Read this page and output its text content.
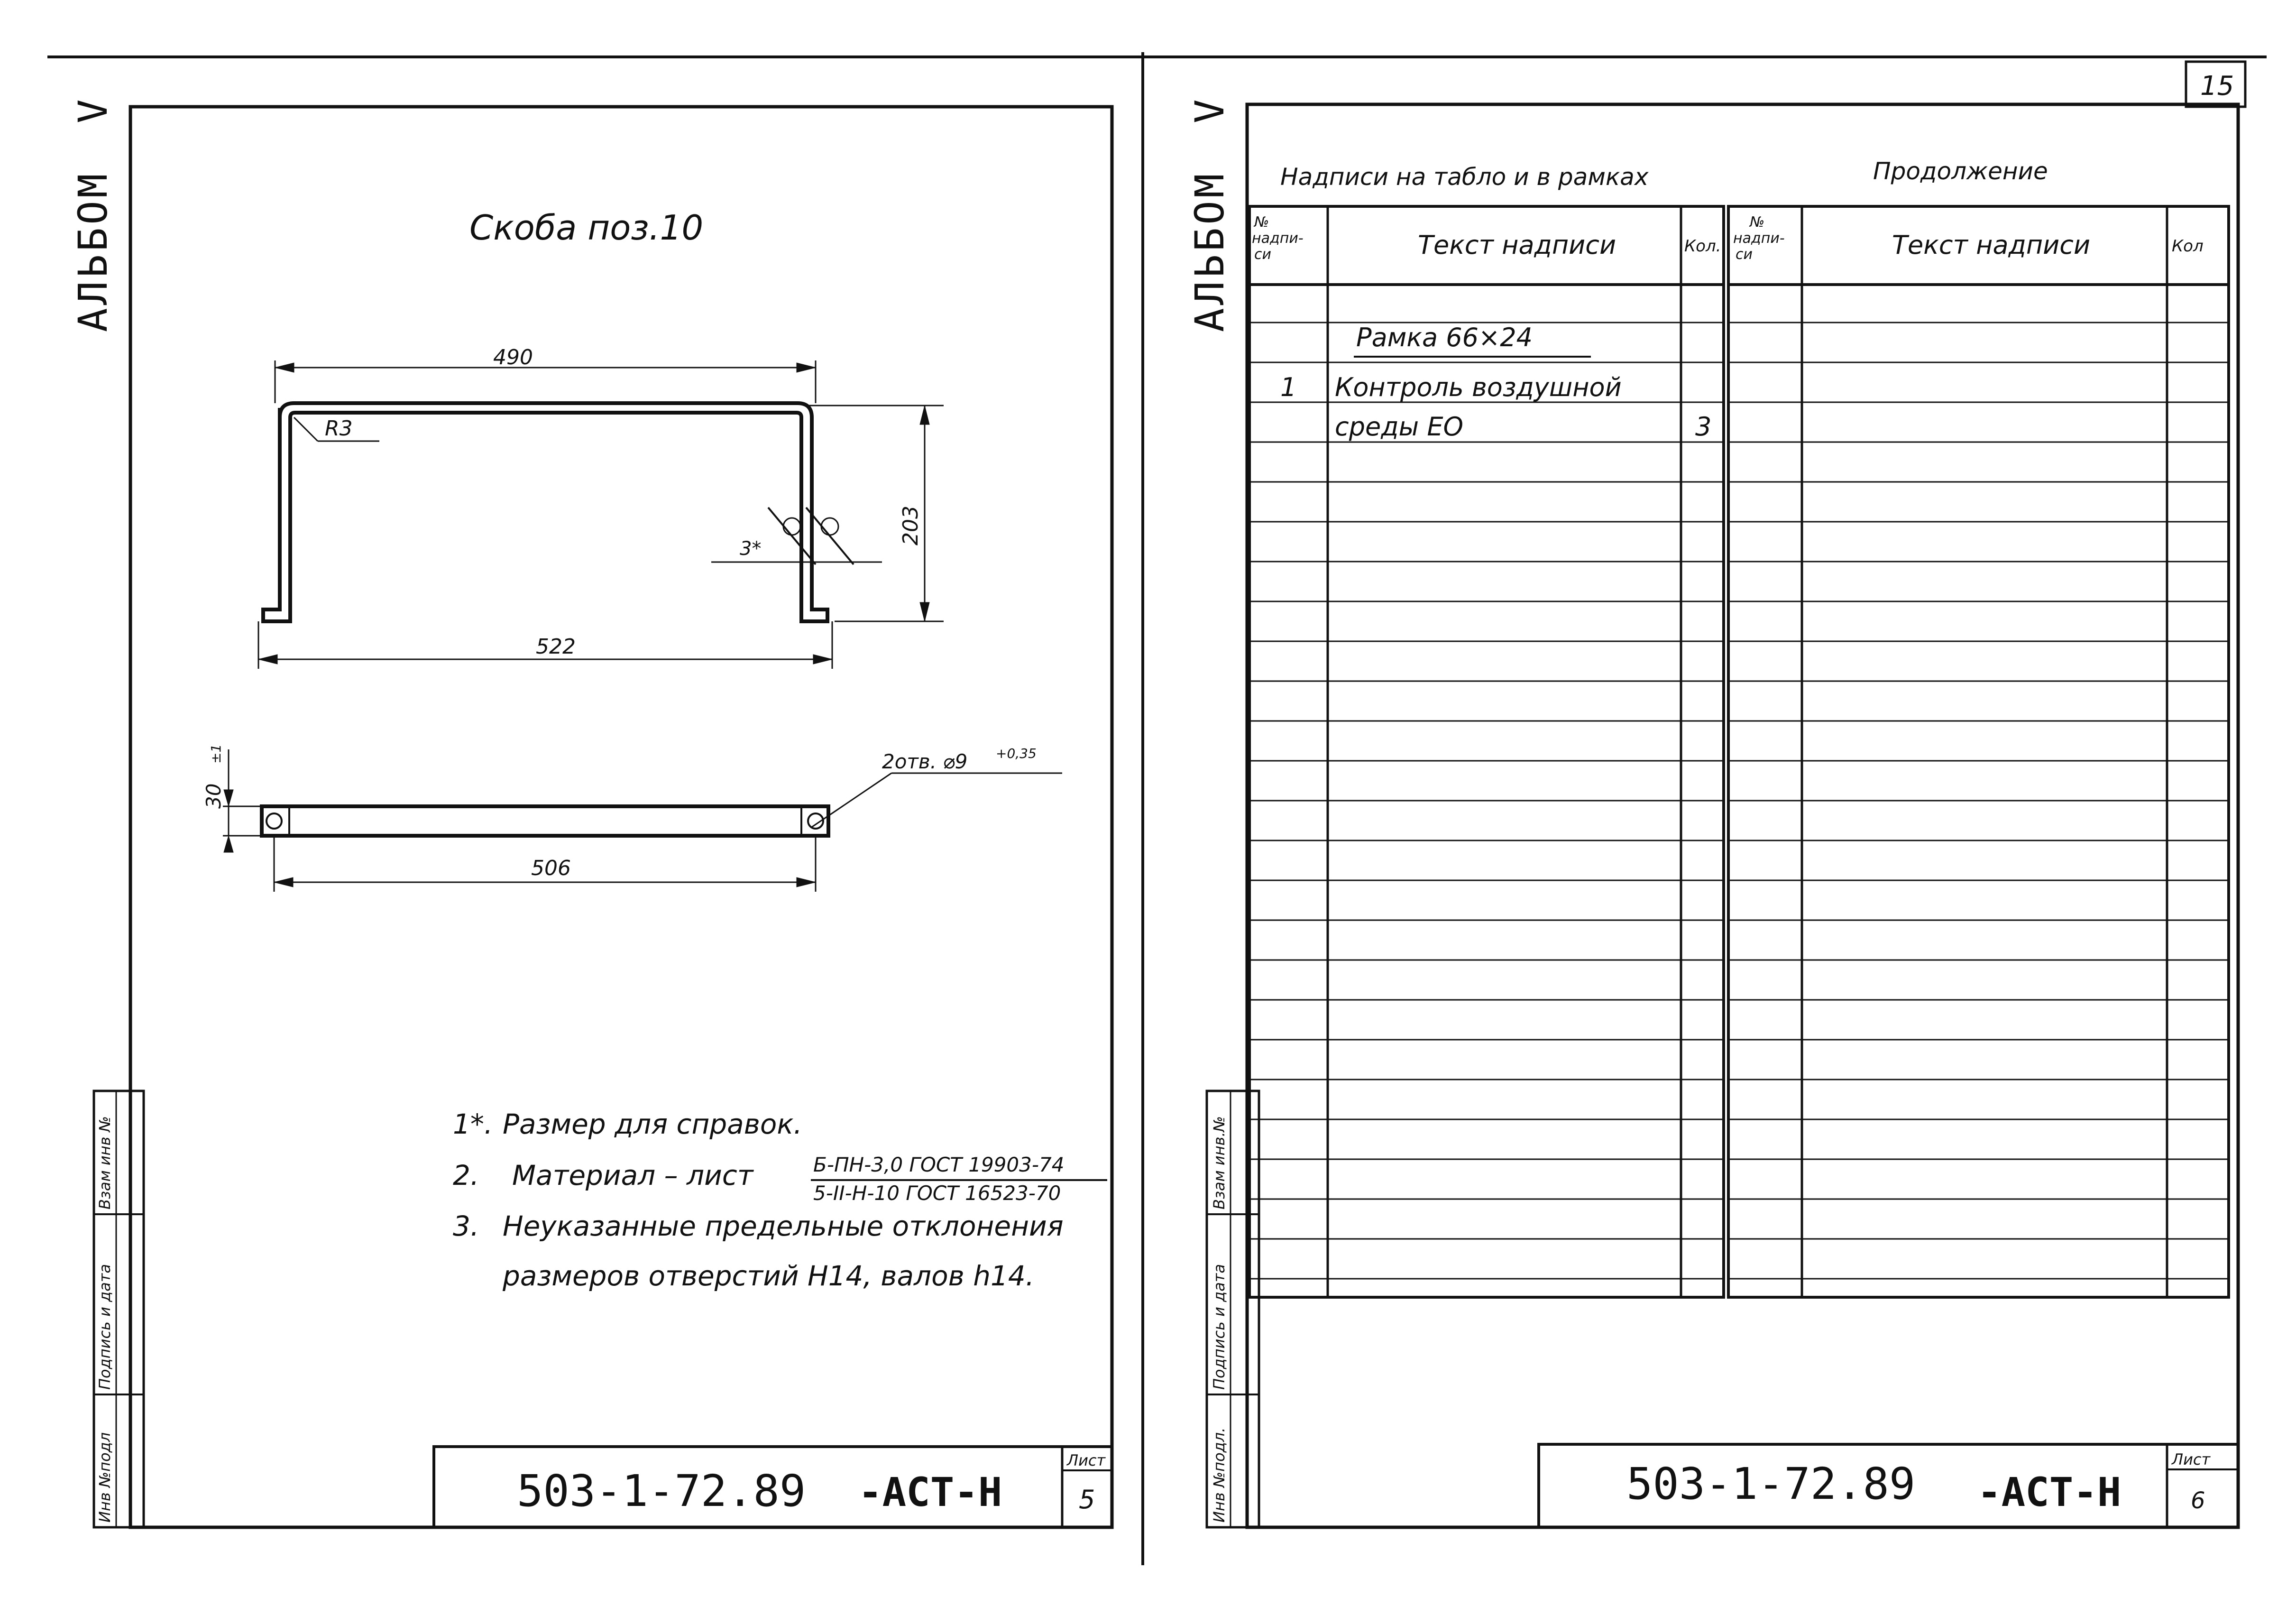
АЛЬБОМ
V
Инв №подл
Подпись и дата
Взам инв №
Скоба поз.10
490
R3
203
522
3*
30
±1	2отв. ⌀9 +0,35
506
1*. Размер для справок.
2. Материал – лист	Б-ПН-3,0 ГОСТ 19903-74
5-II-Н-10 ГОСТ 16523-70
3. Неуказанные предельные отклонения
размеров отверстий Н14, валов h14.
503-1-72.89 -АСТ-Н
Лист
5
15
АЛЬБОМ
V
Инв №подл.
Подпись и дата
Взам инв.№
Надписи на табло и в рамках	Продолжение
№
надпи-
си	Текст надписи	Кол.
№
надпи-
си	Текст надписи	Кол
Рамка 66×24
1 Контроль воздушной
среды ЕО	3
503-1-72.89 -АСТ-Н
Лист
6
